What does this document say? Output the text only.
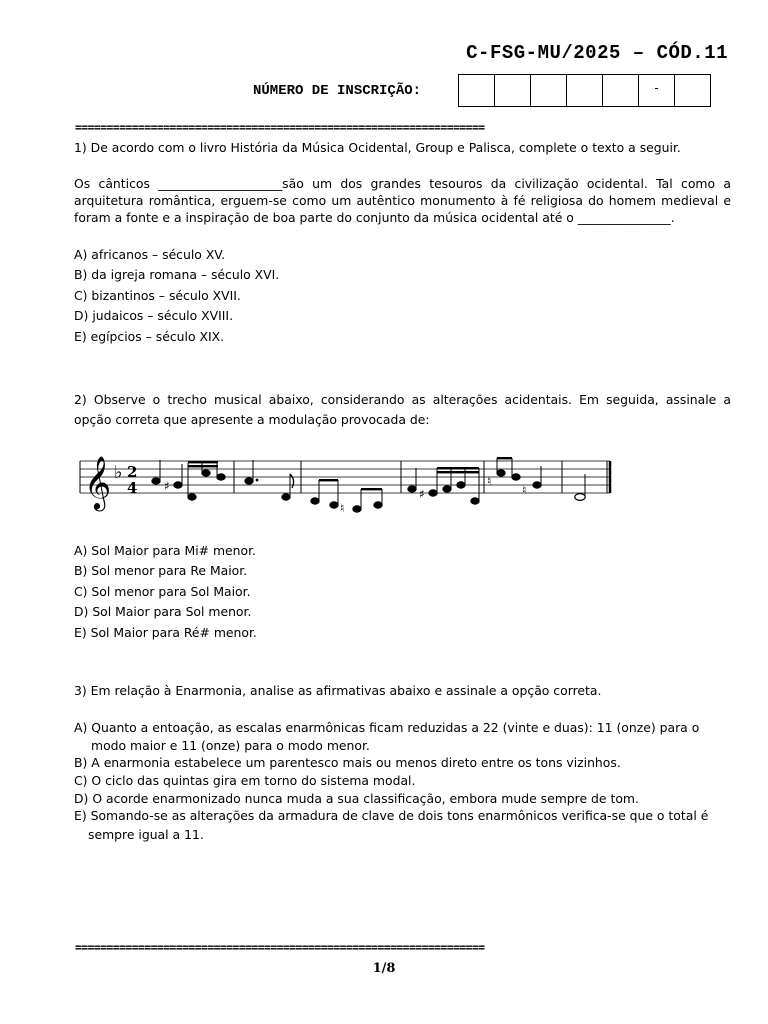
C-FSG-MU/2025 – CÓD.11
NÚMERO DE INSCRIÇÃO:	-
=================================================================
1) De acordo com o livro História da Música Ocidental, Group e Palisca, complete o texto a seguir.
Os cânticos ____________________são um dos grandes tesouros da civilização ocidental. Tal como a arquitetura romântica, erguem-se como um autêntico monumento à fé religiosa do homem medieval e foram a fonte e a inspiração de boa parte do conjunto da música ocidental até o _______________.
A) africanos – século XV.
B) da igreja romana – século XVI.
C) bizantinos – século XVII.
D) judaicos – século XVIII.
E) egípcios – século XIX.
2) Observe o trecho musical abaixo, considerando as alterações acidentais. Em seguida, assinale a opção correta que apresente a modulação provocada de:
𝄞 ♭ 2
4 ♯
♮
♯
♮
♮
A) Sol Maior para Mi# menor.
B) Sol menor para Re Maior.
C) Sol menor para Sol Maior.
D) Sol Maior para Sol menor.
E) Sol Maior para Ré# menor.
3) Em relação à Enarmonia, analise as afirmativas abaixo e assinale a opção correta.
A) Quanto a entoação, as escalas enarmônicas ficam reduzidas a 22 (vinte e duas): 11 (onze) para o
modo maior e 11 (onze) para o modo menor.
B) A enarmonia estabelece um parentesco mais ou menos direto entre os tons vizinhos.
C) O ciclo das quintas gira em torno do sistema modal.
D) O acorde enarmonizado nunca muda a sua classificação, embora mude sempre de tom.
E) Somando-se as alterações da armadura de clave de dois tons enarmônicos verifica-se que o total é
sempre igual a 11.
=================================================================
1/8
